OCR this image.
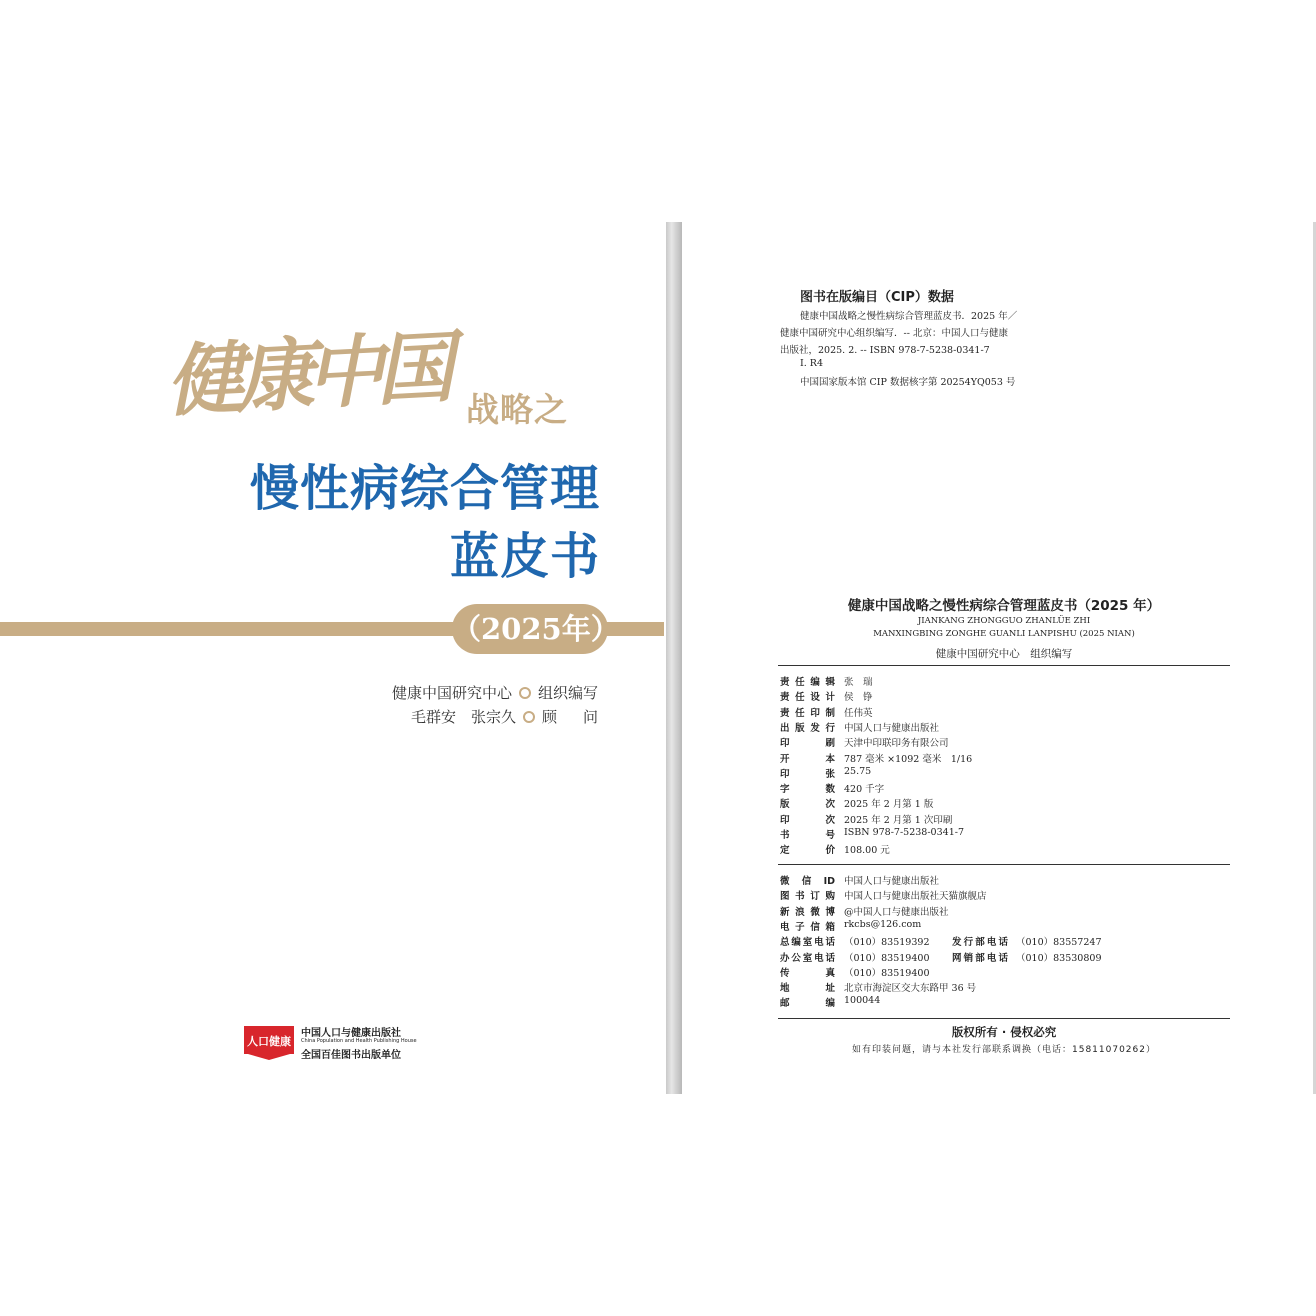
健康中国 战略之
慢性病综合管理
蓝皮书
（2025年）
健康中国研究中心 组织编写
毛群安　张宗久 顾问
人口健康
中国人口与健康出版社
China Population and Health Publishing House
全国百佳图书出版单位
图书在版编目（CIP）数据
健康中国战略之慢性病综合管理蓝皮书．2025 年／
健康中国研究中心组织编写．-- 北京：中国人口与健康
出版社，2025. 2. -- ISBN 978-7-5238-0341-7
Ⅰ. R4
中国国家版本馆 CIP 数据核字第 20254YQ053 号
健康中国战略之慢性病综合管理蓝皮书（2025 年）
JIANKANG ZHONGGUO ZHANLÜE ZHI
MANXINGBING ZONGHE GUANLI LANPISHU (2025 NIAN)
健康中国研究中心　组织编写
责任编辑 张　瑞
责任设计 侯　铮
责任印制 任伟英
出版发行 中国人口与健康出版社
印刷 天津中印联印务有限公司
开本 787 毫米 ×1092 毫米　1/16
印张 25.75
字数 420 千字
版次 2025 年 2 月第 1 版
印次 2025 年 2 月第 1 次印刷
书号 ISBN 978-7-5238-0341-7
定价 108.00 元
微信ID 中国人口与健康出版社
图书订购 中国人口与健康出版社天猫旗舰店
新浪微博 @中国人口与健康出版社
电子信箱 rkcbs@126.com
总编室电话 （010）83519392 发行部电话 （010）83557247
办公室电话 （010）83519400 网销部电话 （010）83530809
传真 （010）83519400
地址 北京市海淀区交大东路甲 36 号
邮编 100044
版权所有 · 侵权必究
如有印装问题，请与本社发行部联系调换（电话：15811070262）
